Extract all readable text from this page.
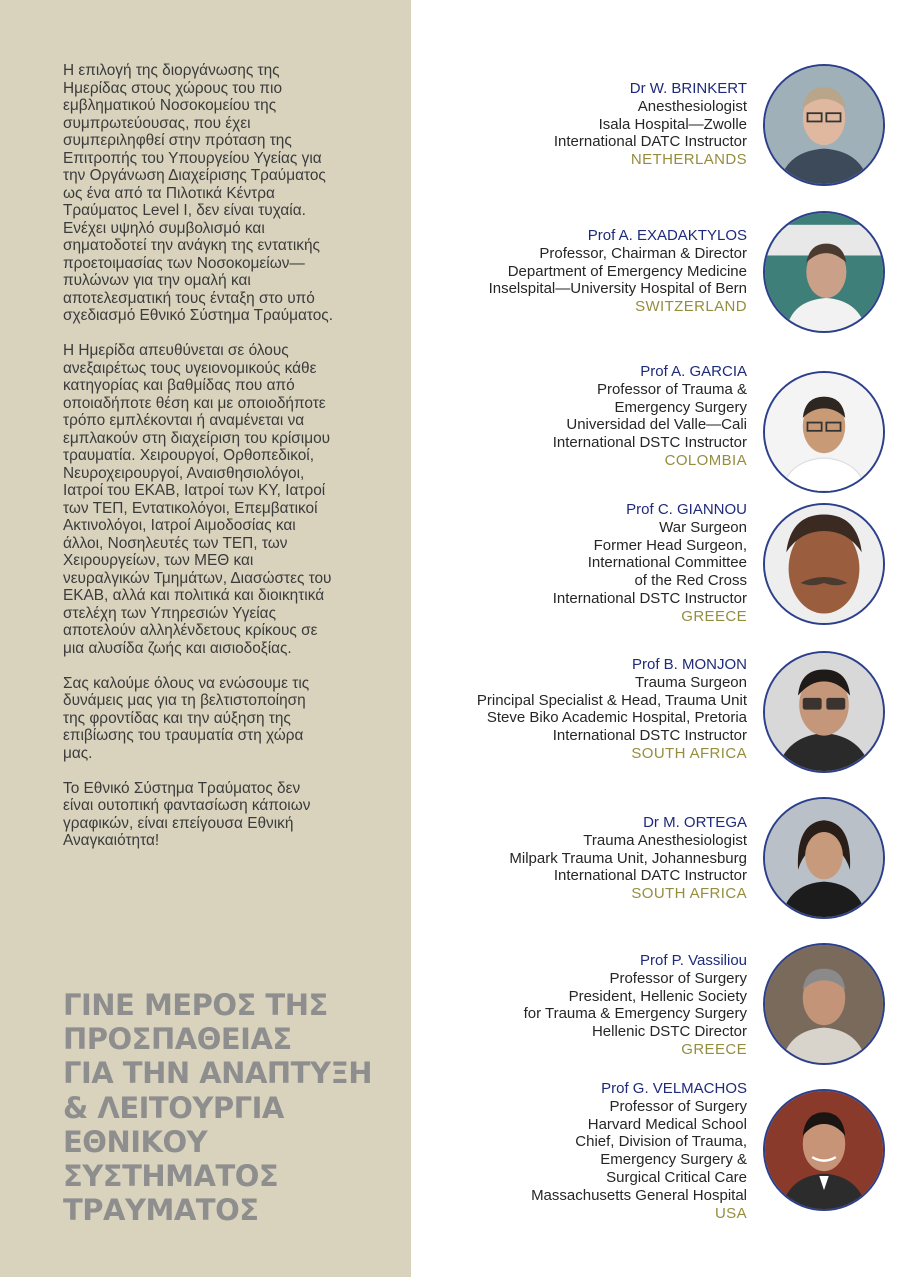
Η επιλογή της διοργάνωσης της
Ημερίδας στους χώρους του πιο
εμβληματικού Νοσοκομείου της
συμπρωτεύουσας, που έχει
συμπεριληφθεί στην πρόταση της
Επιτροπής του Υπουργείου Υγείας για
την Οργάνωση Διαχείρισης Τραύματος
ως ένα από τα Πιλοτικά Κέντρα
Τραύματος Level I, δεν είναι τυχαία.
Ενέχει υψηλό συμβολισμό και
σηματοδοτεί την ανάγκη της εντατικής
προετοιμασίας των Νοσοκομείων—
πυλώνων για την ομαλή και
αποτελεσματική τους ένταξη στο υπό
σχεδιασμό Εθνικό Σύστημα Τραύματος.

Η Ημερίδα απευθύνεται σε όλους
ανεξαιρέτως τους υγειονομικούς κάθε
κατηγορίας και βαθμίδας που από
οποιαδήποτε θέση και με οποιοδήποτε
τρόπο εμπλέκονται ή αναμένεται να
εμπλακούν στη διαχείριση του κρίσιμου
τραυματία. Χειρουργοί, Ορθοπεδικοί,
Νευροχειρουργοί, Αναισθησιολόγοι,
Ιατροί του ΕΚΑΒ, Ιατροί των ΚΥ, Ιατροί
των ΤΕΠ, Εντατικολόγοι, Επεμβατικοί
Ακτινολόγοι, Ιατροί Αιμοδοσίας και
άλλοι, Νοσηλευτές των ΤΕΠ, των
Χειρουργείων, των ΜΕΘ και
νευραλγικών Τμημάτων, Διασώστες του
ΕΚΑΒ, αλλά και πολιτικά και διοικητικά
στελέχη των Υπηρεσιών Υγείας
αποτελούν αλληλένδετους κρίκους σε
μια αλυσίδα ζωής και αισιοδοξίας.

Σας καλούμε όλους να ενώσουμε τις
δυνάμεις μας για τη βελτιστοποίηση
της φροντίδας και την αύξηση της
επιβίωσης του τραυματία στη χώρα
μας.

Το Εθνικό Σύστημα Τραύματος δεν
είναι ουτοπική φαντασίωση κάποιων
γραφικών, είναι επείγουσα Εθνική
Αναγκαιότητα!

ΓΙΝΕ ΜΕΡΟΣ ΤΗΣ
ΠΡΟΣΠΑΘΕΙΑΣ
ΓΙΑ ΤΗΝ ΑΝΑΠΤΥΞΗ
& ΛΕΙΤΟΥΡΓΙΑ
ΕΘΝΙΚΟΥ
ΣΥΣΤΗΜΑΤΟΣ
ΤΡΑΥΜΑΤΟΣ
Dr W. BRINKERT
Anesthesiologist
Isala Hospital—Zwolle
International DATC Instructor
NETHERLANDS
Prof A. EXADAKTYLOS
Professor, Chairman & Director
Department of Emergency Medicine
Inselspital—University Hospital of Bern
SWITZERLAND
Prof A. GARCIA
Professor of Trauma &
Emergency Surgery
Universidad del Valle—Cali
International DSTC Instructor
COLOMBIA
Prof C. GIANNOU
War Surgeon
Former Head Surgeon,
International Committee
of the Red Cross
International DSTC Instructor
GREECE
Prof B. MONJON
Trauma Surgeon
Principal Specialist & Head, Trauma Unit
Steve Biko Academic Hospital, Pretoria
International DSTC Instructor
SOUTH AFRICA
Dr M. ORTEGA
Trauma Anesthesiologist
Milpark Trauma Unit, Johannesburg
International DATC Instructor
SOUTH AFRICA
Prof P. Vassiliou
Professor of Surgery
President, Hellenic Society
for Trauma & Emergency Surgery
Hellenic DSTC Director
GREECE
Prof G. VELMACHOS
Professor of Surgery
Harvard Medical School
Chief, Division of Trauma,
Emergency Surgery &
Surgical Critical Care
Massachusetts General Hospital
USA
